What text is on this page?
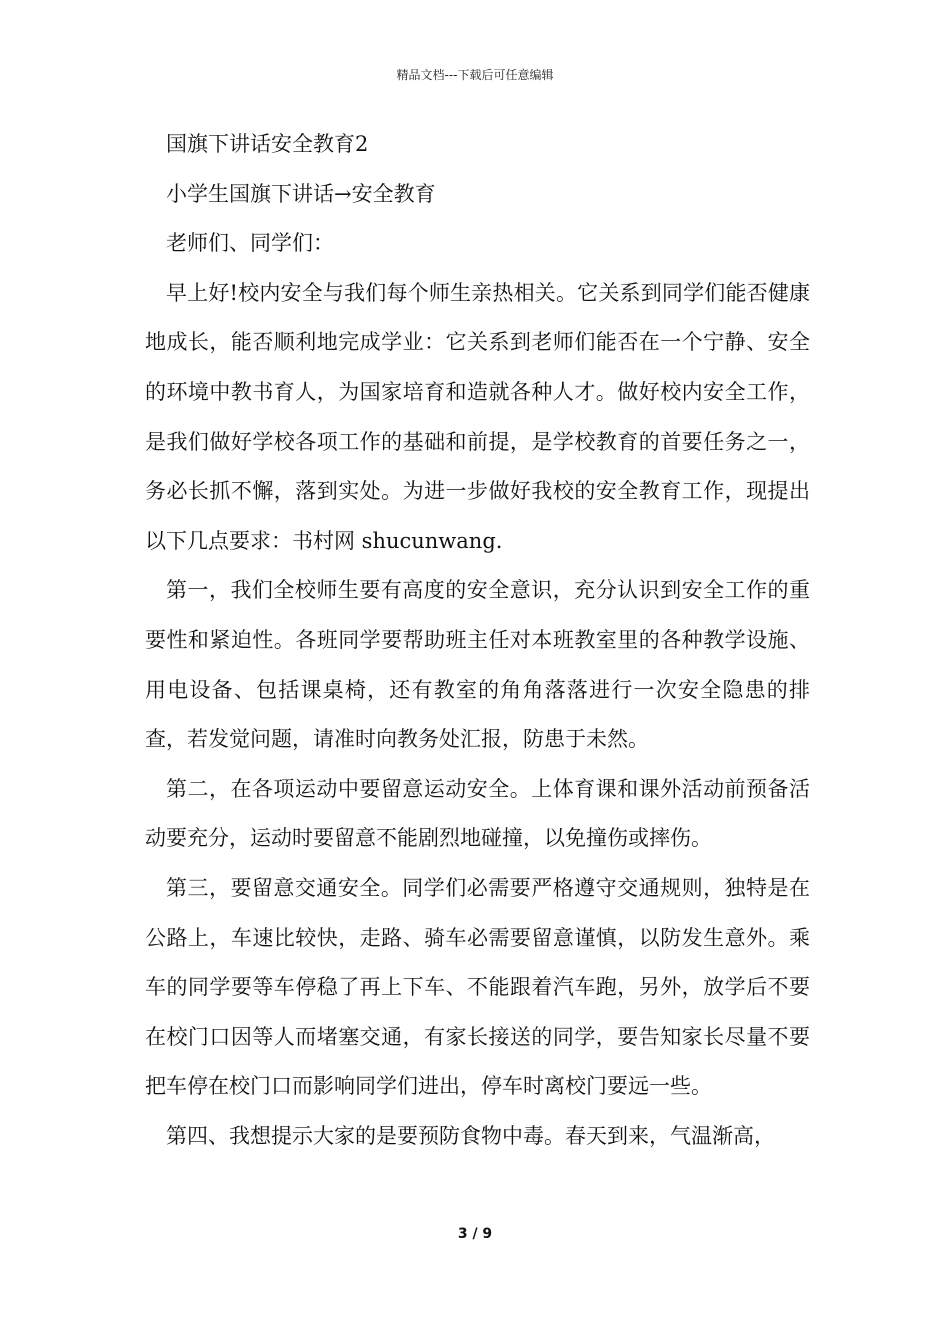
精品文档---下载后可任意编辑

国旗下讲话安全教育2

小学生国旗下讲话→安全教育

老师们、同学们：

早上好!校内安全与我们每个师生亲热相关。它关系到同学们能否健康地成长，能否顺利地完成学业：它关系到老师们能否在一个宁静、安全的环境中教书育人，为国家培育和造就各种人才。做好校内安全工作，是我们做好学校各项工作的基础和前提，是学校教育的首要任务之一，务必长抓不懈，落到实处。为进一步做好我校的安全教育工作，现提出以下几点要求：书村网 shucunwang.

第一，我们全校师生要有高度的安全意识，充分认识到安全工作的重要性和紧迫性。各班同学要帮助班主任对本班教室里的各种教学设施、用电设备、包括课桌椅，还有教室的角角落落进行一次安全隐患的排查，若发觉问题，请准时向教务处汇报，防患于未然。

第二，在各项运动中要留意运动安全。上体育课和课外活动前预备活动要充分，运动时要留意不能剧烈地碰撞，以免撞伤或摔伤。

第三，要留意交通安全。同学们必需要严格遵守交通规则，独特是在公路上，车速比较快，走路、骑车必需要留意谨慎，以防发生意外。乘车的同学要等车停稳了再上下车、不能跟着汽车跑，另外，放学后不要在校门口因等人而堵塞交通，有家长接送的同学，要告知家长尽量不要把车停在校门口而影响同学们进出，停车时离校门要远一些。

第四、我想提示大家的是要预防食物中毒。春天到来，气温渐高，

3 / 9
